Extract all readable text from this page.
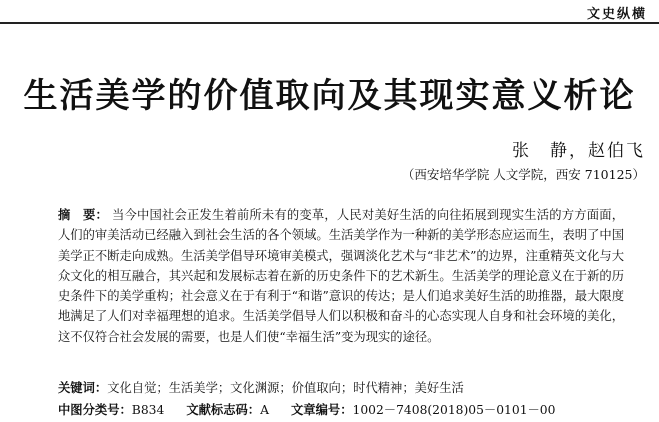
文史纵横
生活美学的价值取向及其现实意义析论
张　静，赵伯飞
（西安培华学院 人文学院，西安 710125）
摘　要： 当今中国社会正发生着前所未有的变革，人民对美好生活的向往拓展到现实生活的方方面面，人们的审美活动已经融入到社会生活的各个领域。生活美学作为一种新的美学形态应运而生，表明了中国美学正不断走向成熟。生活美学倡导环境审美模式，强调淡化艺术与“非艺术”的边界，注重精英文化与大众文化的相互融合，其兴起和发展标志着在新的历史条件下的艺术新生。生活美学的理论意义在于新的历史条件下的美学重构；社会意义在于有利于“和谐”意识的传达；是人们追求美好生活的助推器，最大限度地满足了人们对幸福理想的追求。生活美学倡导人们以积极和奋斗的心态实现人自身和社会环境的美化，这不仅符合社会发展的需要，也是人们使“幸福生活”变为现实的途径。
关键词：文化自觉；生活美学；文化渊源；价值取向；时代精神；美好生活
中图分类号：B834 文献标志码：A 文章编号：1002－7408(2018)05－0101－00
